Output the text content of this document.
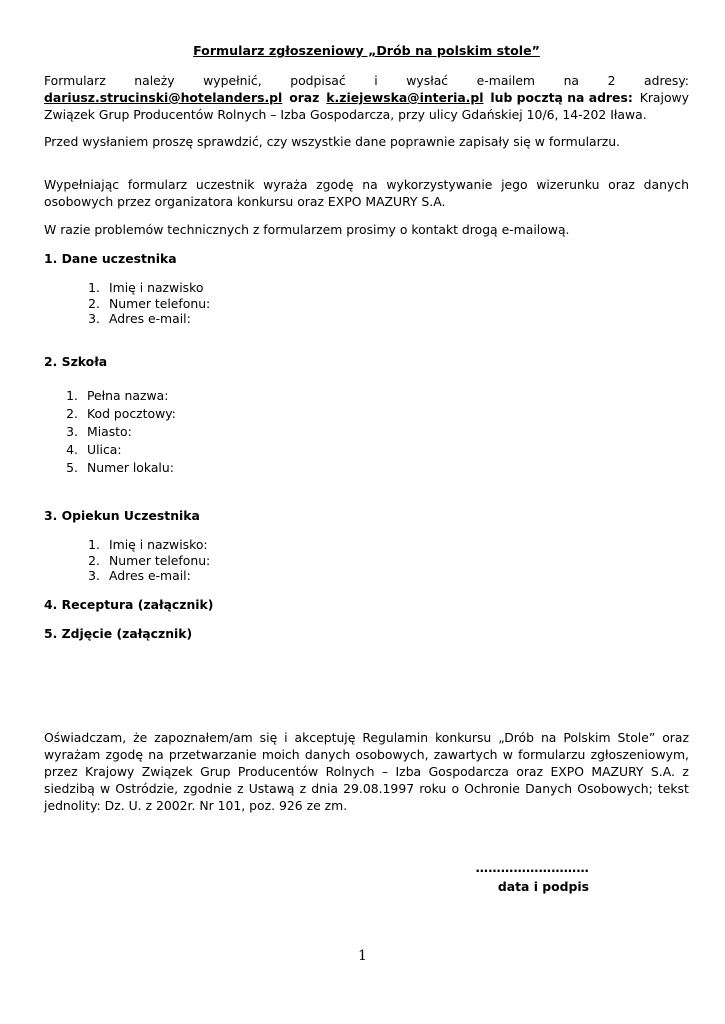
Formularz zgłoszeniowy „Drób na polskim stole”
Formularz należy wypełnić, podpisać i wysłać e-mailem na 2 adresy:
dariusz.strucinski@hotelanders.pl oraz k.ziejewska@interia.pl lub pocztą na adres: Krajowy
Związek Grup Producentów Rolnych – Izba Gospodarcza, przy ulicy Gdańskiej 10/6, 14-202 Iława.
Przed wysłaniem proszę sprawdzić, czy wszystkie dane poprawnie zapisały się w formularzu.
Wypełniając formularz uczestnik wyraża zgodę na wykorzystywanie jego wizerunku oraz danych
osobowych przez organizatora konkursu oraz EXPO MAZURY S.A.
W razie problemów technicznych z formularzem prosimy o kontakt drogą e-mailową.
1. Dane uczestnika
1. Imię i nazwisko
2. Numer telefonu:
3. Adres e-mail:
2. Szkoła
1. Pełna nazwa:
2. Kod pocztowy:
3. Miasto:
4. Ulica:
5. Numer lokalu:
3. Opiekun Uczestnika
1. Imię i nazwisko:
2. Numer telefonu:
3. Adres e-mail:
4. Receptura (załącznik)
5. Zdjęcie (załącznik)
Oświadczam, że zapoznałem/am się i akceptuję Regulamin konkursu „Drób na Polskim Stole” oraz
wyrażam zgodę na przetwarzanie moich danych osobowych, zawartych w formularzu zgłoszeniowym,
przez Krajowy Związek Grup Producentów Rolnych – Izba Gospodarcza oraz EXPO MAZURY S.A. z
siedzibą w Ostródzie, zgodnie z Ustawą z dnia 29.08.1997 roku o Ochronie Danych Osobowych; tekst
jednolity: Dz. U. z 2002r. Nr 101, poz. 926 ze zm.
………………………
data i podpis
1
